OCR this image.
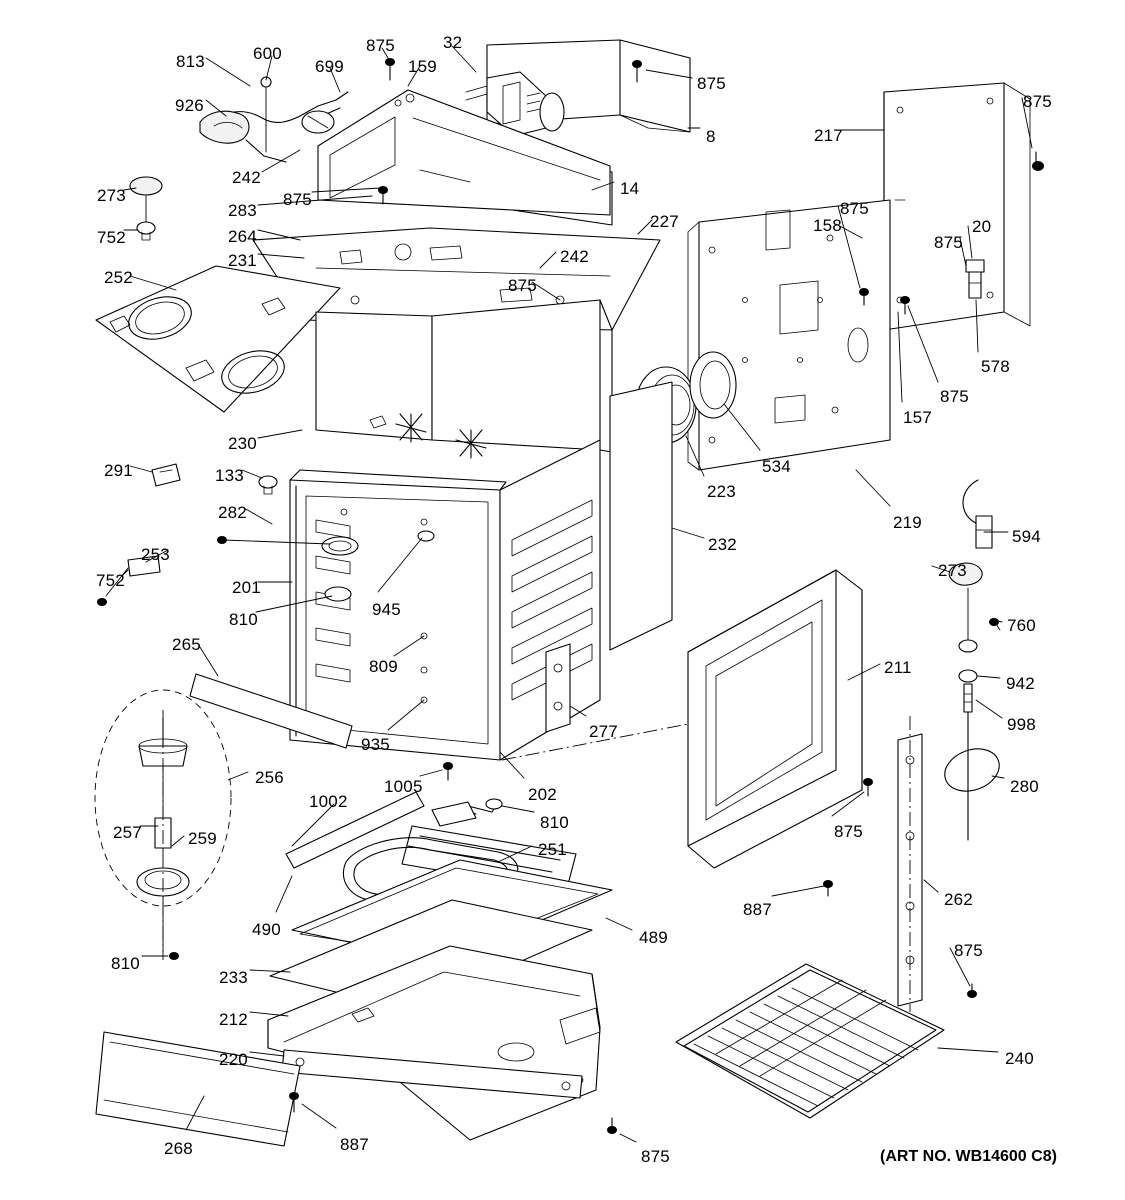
813	600
699
875
159
32
875
926
8	217
875
242
273
283
875
14
227
875
158	20
875
752	264
242
231
252	875
578
875
157
534
230
223
291	133
219
282
594
232
253
273
201
752
945
810	760
265
809	211
942
998
277
935
280
1005	202
256
1002
810	875
251
257	259
887
262
489
490
810
233
875
212
220	240
268	887
875	(ART NO. WB14600 C8)
